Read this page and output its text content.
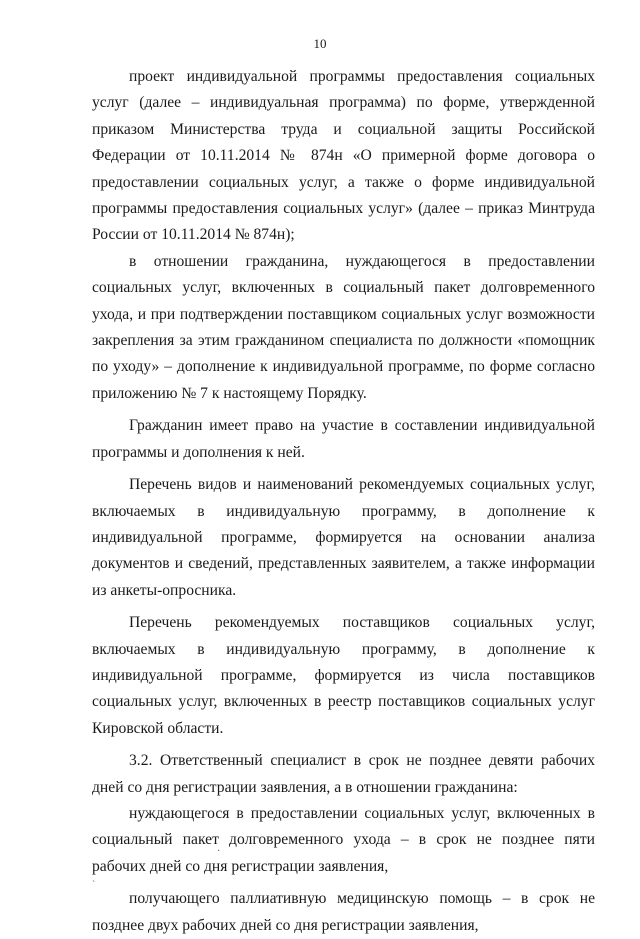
10

проект индивидуальной программы предоставления социальных услуг (далее – индивидуальная программа) по форме, утвержденной приказом Министерства труда и социальной защиты Российской Федерации от 10.11.2014 № 874н «О примерной форме договора о предоставлении социальных услуг, а также о форме индивидуальной программы предоставления социальных услуг» (далее – приказ Минтруда России от 10.11.2014 № 874н);

в отношении гражданина, нуждающегося в предоставлении социальных услуг, включенных в социальный пакет долговременного ухода, и при подтверждении поставщиком социальных услуг возможности закрепления за этим гражданином специалиста по должности «помощник по уходу» – дополнение к индивидуальной программе, по форме согласно приложению № 7 к настоящему Порядку.

Гражданин имеет право на участие в составлении индивидуальной программы и дополнения к ней.

Перечень видов и наименований рекомендуемых социальных услуг, включаемых в индивидуальную программу, в дополнение к индивидуальной программе, формируется на основании анализа документов и сведений, представленных заявителем, а также информации из анкеты-опросника.

Перечень рекомендуемых поставщиков социальных услуг, включаемых в индивидуальную программу, в дополнение к индивидуальной программе, формируется из числа поставщиков социальных услуг, включенных в реестр поставщиков социальных услуг Кировской области.

3.2. Ответственный специалист в срок не позднее девяти рабочих дней со дня регистрации заявления, а в отношении гражданина:

нуждающегося в предоставлении социальных услуг, включенных в социальный пакет долговременного ухода – в срок не позднее пяти рабочих дней со дня регистрации заявления,

получающего паллиативную медицинскую помощь – в срок не позднее двух рабочих дней со дня регистрации заявления,

·
`
